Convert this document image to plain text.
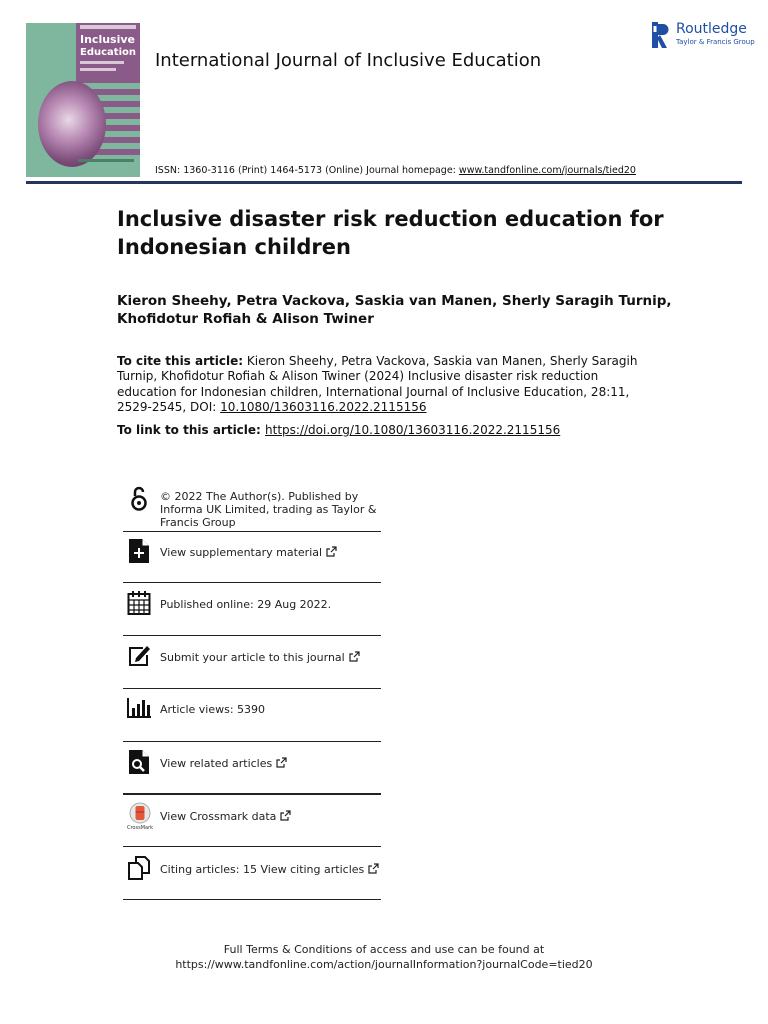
Inclusive
Education International Journal of Inclusive Education
Routledge
Taylor & Francis Group
ISSN: 1360-3116 (Print) 1464-5173 (Online) Journal homepage: www.tandfonline.com/journals/tied20
Inclusive disaster risk reduction education for Indonesian children
Kieron Sheehy, Petra Vackova, Saskia van Manen, Sherly Saragih Turnip, Khofidotur Rofiah & Alison Twiner
To cite this article: Kieron Sheehy, Petra Vackova, Saskia van Manen, Sherly Saragih Turnip, Khofidotur Rofiah & Alison Twiner (2024) Inclusive disaster risk reduction education for Indonesian children, International Journal of Inclusive Education, 28:11, 2529-2545, DOI: 10.1080/13603116.2022.2115156
To link to this article: https://doi.org/10.1080/13603116.2022.2115156
© 2022 The Author(s). Published by Informa UK Limited, trading as Taylor & Francis Group
View supplementary material
Published online: 29 Aug 2022.
Submit your article to this journal
Article views: 5390
View related articles
CrossMark
View Crossmark data
Citing articles: 15 View citing articles
Full Terms & Conditions of access and use can be found at
https://www.tandfonline.com/action/journalInformation?journalCode=tied20
